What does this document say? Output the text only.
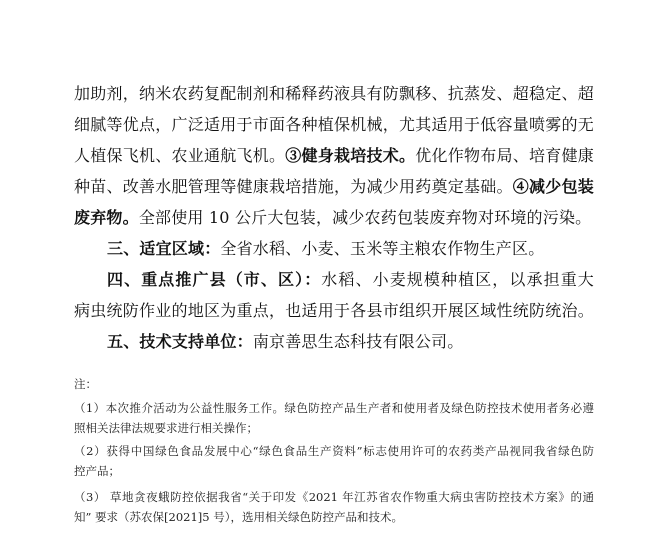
加助剂，纳米农药复配制剂和稀释药液具有防飘移、抗蒸发、超稳定、超
细腻等优点，广泛适用于市面各种植保机械，尤其适用于低容量喷雾的无
人植保飞机、农业通航飞机。③健身栽培技术。优化作物布局、培育健康
种苗、改善水肥管理等健康栽培措施，为减少用药奠定基础。④减少包装
废弃物。全部使用 10 公斤大包装，减少农药包装废弃物对环境的污染。
三、适宜区域：全省水稻、小麦、玉米等主粮农作物生产区。
四、重点推广县（市、区）：水稻、小麦规模种植区，以承担重大
病虫统防作业的地区为重点，也适用于各县市组织开展区域性统防统治。
五、技术支持单位：南京善思生态科技有限公司。
注：
（1）本次推介活动为公益性服务工作。绿色防控产品生产者和使用者及绿色防控技术使用者务必遵
照相关法律法规要求进行相关操作；
（2）获得中国绿色食品发展中心“绿色食品生产资料”标志使用许可的农药类产品视同我省绿色防
控产品；
（3） 草地贪夜蛾防控依据我省“关于印发《2021 年江苏省农作物重大病虫害防控技术方案》的通
知” 要求（苏农保[2021]5 号），选用相关绿色防控产品和技术。
